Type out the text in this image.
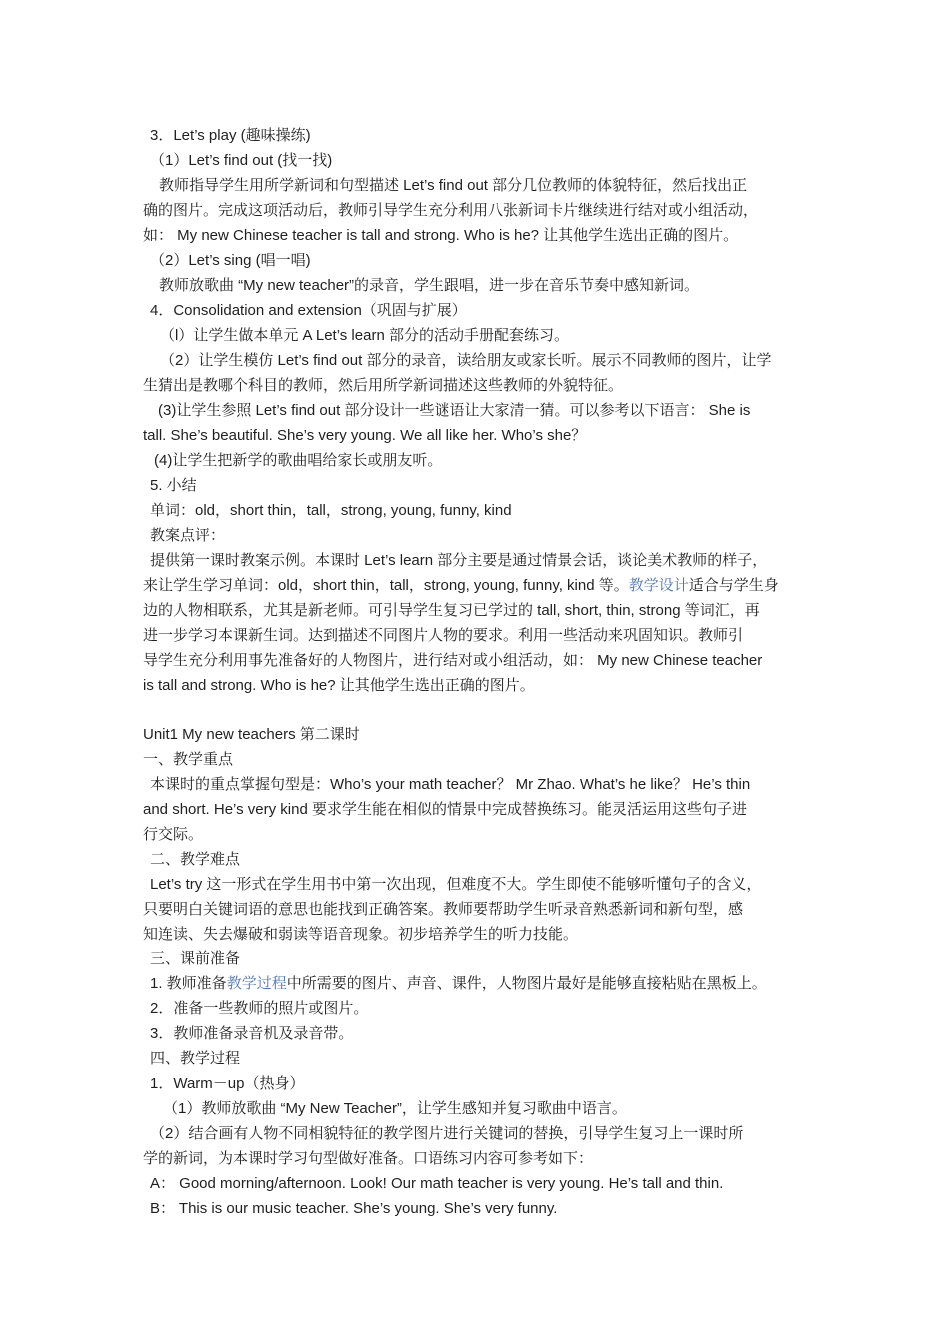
3．Let’s play (趣味操练)
（1）Let’s find out (找一找)
教师指导学生用所学新词和句型描述 Let’s find out 部分几位教师的体貌特征，然后找出正
确的图片。完成这项活动后，教师引导学生充分利用八张新词卡片继续进行结对或小组活动，
如： My new Chinese teacher is tall and strong. Who is he? 让其他学生选出正确的图片。
（2）Let’s sing (唱一唱)
教师放歌曲 “My new teacher”的录音，学生跟唱，进一步在音乐节奏中感知新词。
4．Consolidation and extension（巩固与扩展）
（l）让学生做本单元 A Let’s learn 部分的活动手册配套练习。
（2）让学生模仿 Let’s find out 部分的录音，读给朋友或家长听。展示不同教师的图片，让学
生猜出是教哪个科目的教师，然后用所学新词描述这些教师的外貌特征。
(3)让学生参照 Let’s find out 部分设计一些谜语让大家清一猜。可以参考以下语言： She is
tall. She’s beautiful. She’s very young. We all like her. Who’s she？
(4)让学生把新学的歌曲唱给家长或朋友听。
5. 小结
单词：old，short thin，tall，strong, young, funny, kind
教案点评：
提供第一课时教案示例。本课时 Let’s learn 部分主要是通过情景会话，谈论美术教师的样子，
来让学生学习单词：old，short thin，tall，strong, young, funny, kind 等。教学设计适合与学生身
边的人物相联系，尤其是新老师。可引导学生复习已学过的 tall, short, thin, strong 等词汇，再
进一步学习本课新生词。达到描述不同图片人物的要求。利用一些活动来巩固知识。教师引
导学生充分利用事先准备好的人物图片，进行结对或小组活动，如： My new Chinese teacher
is tall and strong. Who is he? 让其他学生选出正确的图片。
Unit1 My new teachers 第二课时
一、教学重点
本课时的重点掌握句型是：Who’s your math teacher？ Mr Zhao. What’s he like？ He’s thin
and short. He’s very kind 要求学生能在相似的情景中完成替换练习。能灵活运用这些句子进
行交际。
二、教学难点
Let’s try 这一形式在学生用书中第一次出现，但难度不大。学生即使不能够听懂句子的含义，
只要明白关键词语的意思也能找到正确答案。教师要帮助学生听录音熟悉新词和新句型，感
知连读、失去爆破和弱读等语音现象。初步培养学生的听力技能。
三、课前准备
1. 教师准备教学过程中所需要的图片、声音、课件，人物图片最好是能够直接粘贴在黑板上。
2．准备一些教师的照片或图片。
3．教师准备录音机及录音带。
四、教学过程
1．Warm－up（热身）
（1）教师放歌曲 “My New Teacher”，让学生感知并复习歌曲中语言。
（2）结合画有人物不同相貌特征的教学图片进行关键词的替换，引导学生复习上一课时所
学的新词，为本课时学习句型做好准备。口语练习内容可参考如下：
A： Good morning/afternoon. Look! Our math teacher is very young. He’s tall and thin.
B： This is our music teacher. She’s young. She’s very funny.
